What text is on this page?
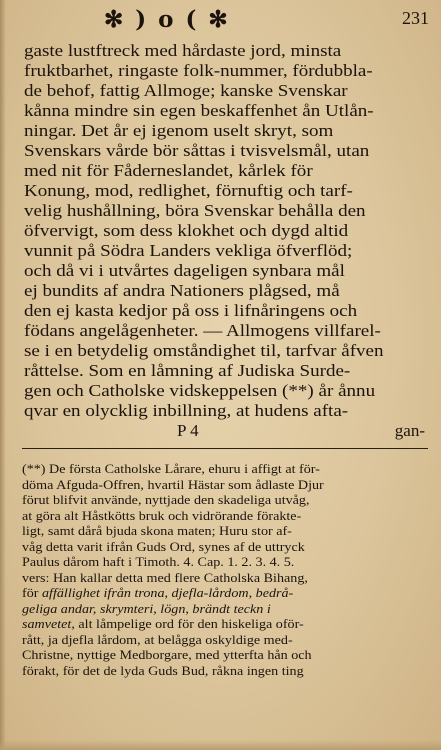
✻ ) o ( ✻	231
gaste lustftreck med hårdaste jord, minsta
fruktbarhet, ringaste folk-nummer, fördubbla-
de behof, fattig Allmoge; kanske Svenskar
kånna mindre sin egen beskaffenhet ån Utlån-
ningar. Det år ej igenom uselt skryt, som
Svenskars vårde bör såttas i tvisvelsmål, utan
med nit för Fåderneslandet, kårlek för
Konung, mod, redlighet, förnuftig och tarf-
velig hushållning, böra Svenskar behålla den
öfvervigt, som dess klokhet och dygd altid
vunnit på Södra Landers vekliga öfverflöd;
och då vi i utvårtes dageligen synbara mål
ej bundits af andra Nationers plågsed, må
den ej kasta kedjor på oss i lifnåringens och
födans angelågenheter. — Allmogens villfarel-
se i en betydelig omståndighet til, tarfvar åfven
råttelse. Som en låmning af Judiska Surde-
gen och Catholske vidskeppelsen (**) år ånnu
qvar en olycklig inbillning, at hudens afta-
P 4	gan-
(**) De första Catholske Lårare, ehuru i affigt at för-
döma Afguda-Offren, hvartil Hästar som ådlaste Djur
förut blifvit använde, nyttjade den skadeliga utvåg,
at göra alt Håstkötts bruk och vidrörande förakte-
ligt, samt dårå bjuda skona maten; Huru stor af-
våg detta varit ifrån Guds Ord, synes af de uttryck
Paulus dårom haft i Timoth. 4. Cap. 1. 2. 3. 4. 5.
vers: Han kallar detta med flere Catholska Bihang,
för affällighet ifrån trona, djefla-lårdom, bedrå-
geliga andar, skrymteri, lögn, brändt teckn i
samvetet, alt låmpelige ord för den hiskeliga oför-
rått, ja djefla lårdom, at belågga oskyldige med-
Christne, nyttige Medborgare, med ytterfta hån och
förakt, för det de lyda Guds Bud, råkna ingen ting
